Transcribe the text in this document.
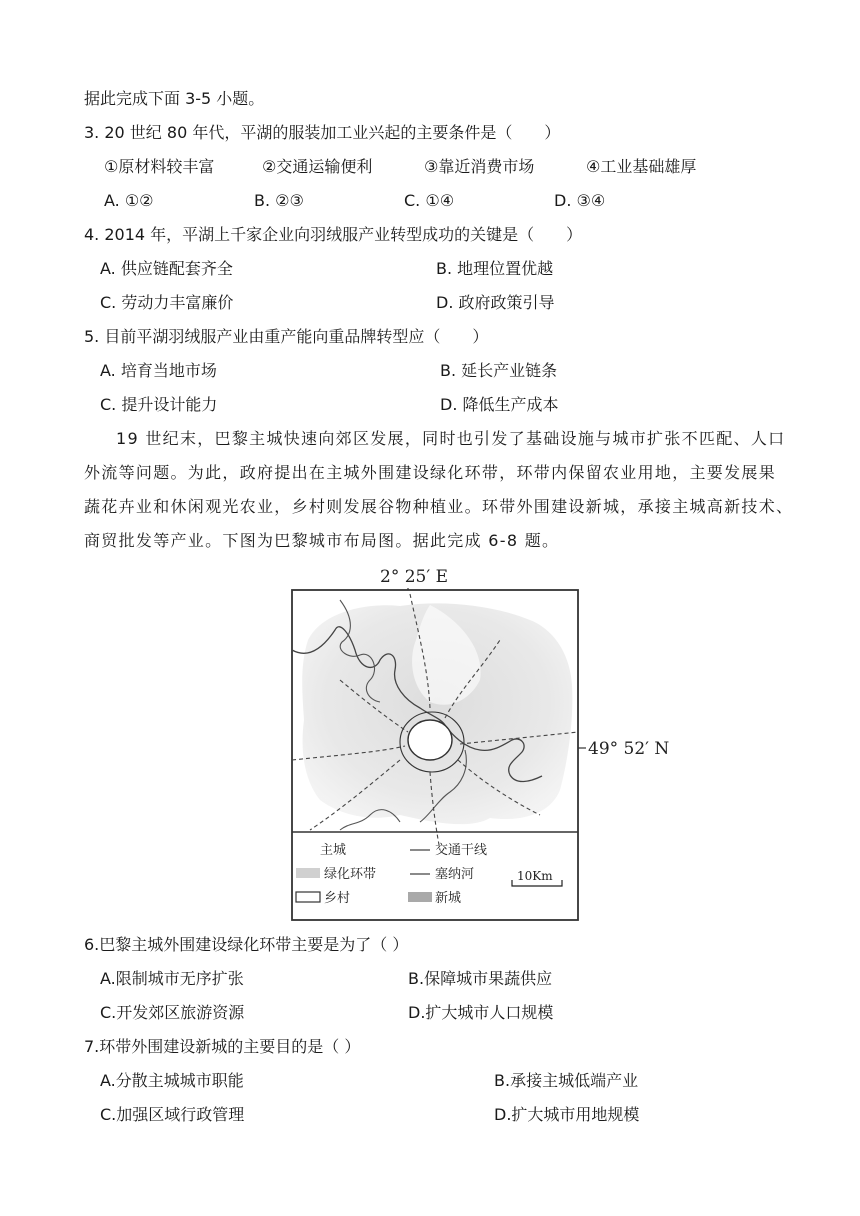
据此完成下面 3-5 小题。
3. 20 世纪 80 年代，平湖的服装加工业兴起的主要条件是（　　）
①原材料较丰富	②交通运输便利	③靠近消费市场	④工业基础雄厚
A. ①②	B. ②③	C. ①④	D. ③④
4. 2014 年，平湖上千家企业向羽绒服产业转型成功的关键是（　　）
A. 供应链配套齐全	B. 地理位置优越
C. 劳动力丰富廉价	D. 政府政策引导
5. 目前平湖羽绒服产业由重产能向重品牌转型应（　　）
A. 培育当地市场	B. 延长产业链条
C. 提升设计能力	D. 降低生产成本
19 世纪末，巴黎主城快速向郊区发展，同时也引发了基础设施与城市扩张不匹配、人口
外流等问题。为此，政府提出在主城外围建设绿化环带，环带内保留农业用地，主要发展果
蔬花卉业和休闲观光农业，乡村则发展谷物种植业。环带外围建设新城，承接主城高新技术、
商贸批发等产业。下图为巴黎城市布局图。据此完成 6-8 题。
2° 25′ E
49° 52′ N
主城	交通干线
绿化环带	塞纳河	10Km
乡村	新城
6.巴黎主城外围建设绿化环带主要是为了（ ）
A.限制城市无序扩张	B.保障城市果蔬供应
C.开发郊区旅游资源	D.扩大城市人口规模
7.环带外围建设新城的主要目的是（ ）
A.分散主城城市职能	B.承接主城低端产业
C.加强区域行政管理	D.扩大城市用地规模
